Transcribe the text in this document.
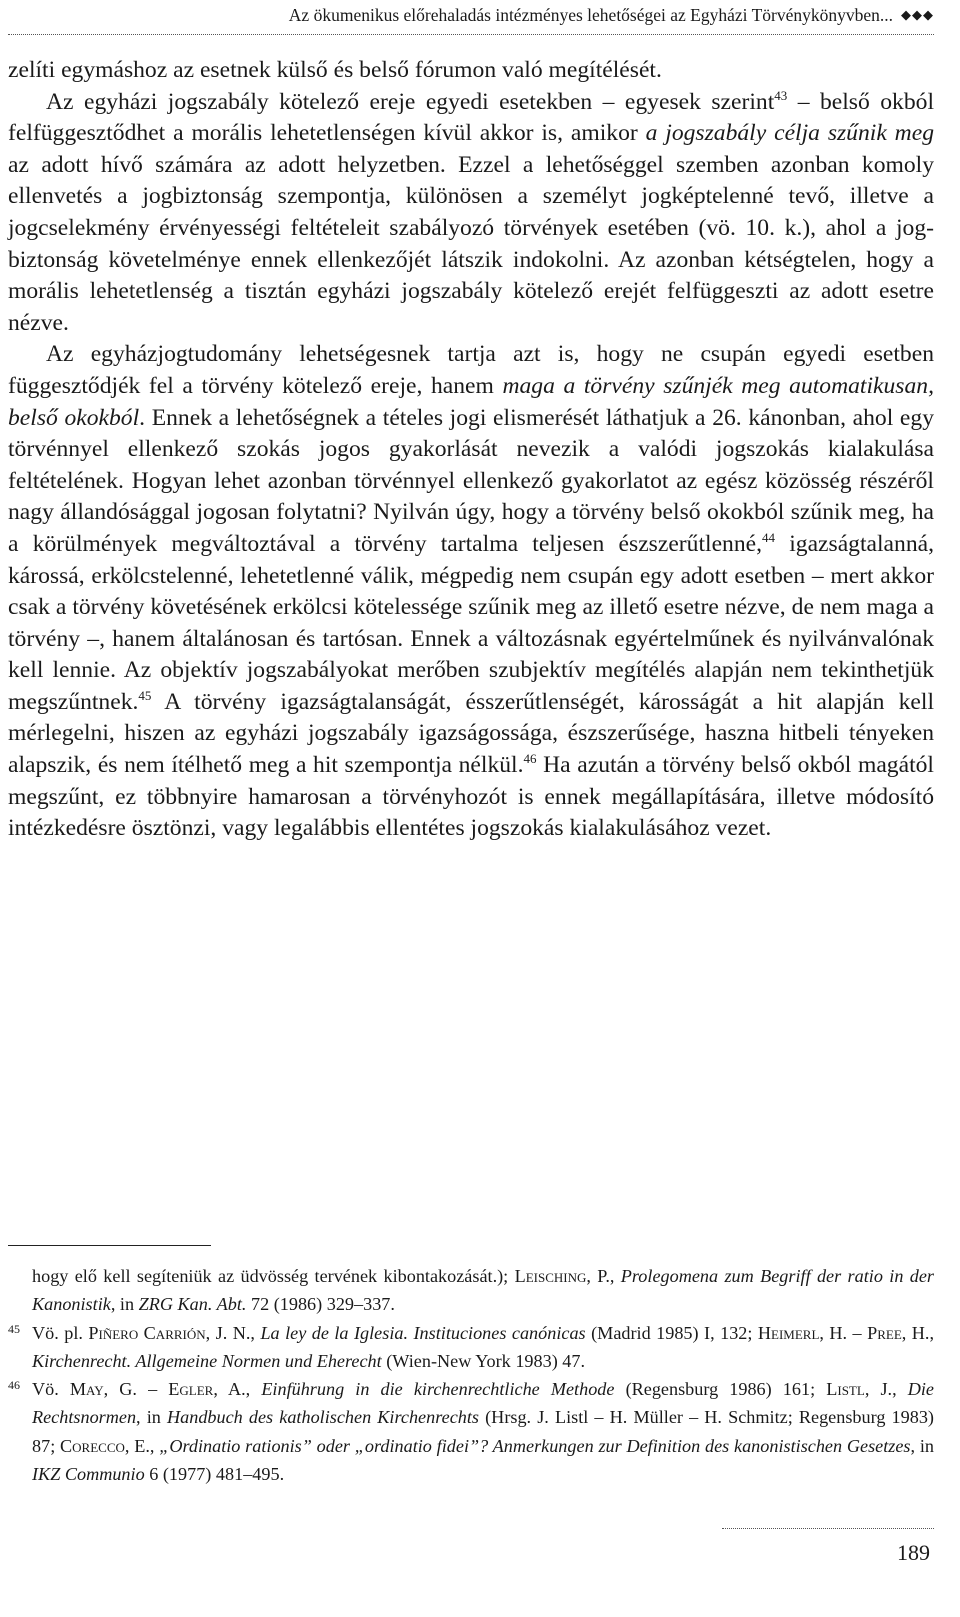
Az ökumenikus előrehaladás intézményes lehetőségei az Egyházi Törvénykönyvben... ◆◆◆

zelíti egymáshoz az esetnek külső és belső fórumon való megítélését.

Az egyházi jogszabály kötelező ereje egyedi esetekben – egyesek szerint$^{43}$ – belső okból felfüggesztődhet a morális lehetetlenségen kívül akkor is, amikor a jogszabály célja szűnik meg az adott hívő számára az adott helyzetben. Ezzel a lehetőséggel szemben azonban komoly ellenvetés a jogbiztonság szempontja, különösen a személyt jogképtelenné tevő, illetve a jogcselekmény érvényességi feltételeit szabályozó törvények esetében (vö. 10. k.), ahol a jogbiztonság követelménye ennek ellenkezőjét látszik indokolni. Az azonban kétségtelen, hogy a morális lehetetlenség a tisztán egyházi jogszabály kötelező erejét felfüggeszti az adott esetre nézve.

Az egyházjogtudomány lehetségesnek tartja azt is, hogy ne csupán egyedi esetben függesztődjék fel a törvény kötelező ereje, hanem maga a törvény szűnjék meg automatikusan, belső okokból. Ennek a lehetőségnek a tételes jogi elismerését láthatjuk a 26. kánonban, ahol egy törvénnyel ellenkező szokás jogos gyakorlását nevezik a valódi jogszokás kialakulása feltételének. Hogyan lehet azonban törvénnyel ellenkező gyakorlatot az egész közösség részéről nagy állandósággal jogosan folytatni? Nyilván úgy, hogy a törvény belső okokból szűnik meg, ha a körülmények megváltoztával a törvény tartalma teljesen észszerűtlenné,$^{44}$ igazságtalanná, károssá, erkölcstelenné, lehetetlenné válik, mégpedig nem csupán egy adott esetben – mert akkor csak a törvény követésének erkölcsi kötelessége szűnik meg az illető esetre nézve, de nem maga a törvény –, hanem általánosan és tartósan. Ennek a változásnak egyértelműnek és nyilvánvalónak kell lennie. Az objektív jogszabályokat merőben szubjektív megítélés alapján nem tekinthetjük megszűntnek.$^{45}$ A törvény igazságtalanságát, ésszerűtlenségét, károsságát a hit alapján kell mérlegelni, hiszen az egyházi jogszabály igazságossága, észszerűsége, haszna hitbeli tényeken alapszik, és nem ítélhető meg a hit szempontja nélkül.$^{46}$ Ha azután a törvény belső okból magától megszűnt, ez többnyire hamarosan a törvényhozót is ennek megállapítására, illetve módosító intézkedésre ösztönzi, vagy legalábbis ellentétes jogszokás kialakulásához vezet.

hogy elő kell segíteniük az üdvösség tervének kibontakozását.); Leisching, P., Prolegomena zum Begriff der ratio in der Kanonistik, in ZRG Kan. Abt. 72 (1986) 329–337.
45 Vö. pl. Piñero Carrión, J. N., La ley de la Iglesia. Instituciones canónicas (Madrid 1985) I, 132; Heimerl, H. – Pree, H., Kirchenrecht. Allgemeine Normen und Eherecht (Wien-New York 1983) 47.
46 Vö. May, G. – Egler, A., Einführung in die kirchenrechtliche Methode (Regensburg 1986) 161; Listl, J., Die Rechtsnormen, in Handbuch des katholischen Kirchenrechts (Hrsg. J. Listl – H. Müller – H. Schmitz; Regensburg 1983) 87; Corecco, E., „Ordinatio rationis” oder „ordinatio fidei”? Anmerkungen zur Definition des kanonistischen Gesetzes, in IKZ Communio 6 (1977) 481–495.
189
